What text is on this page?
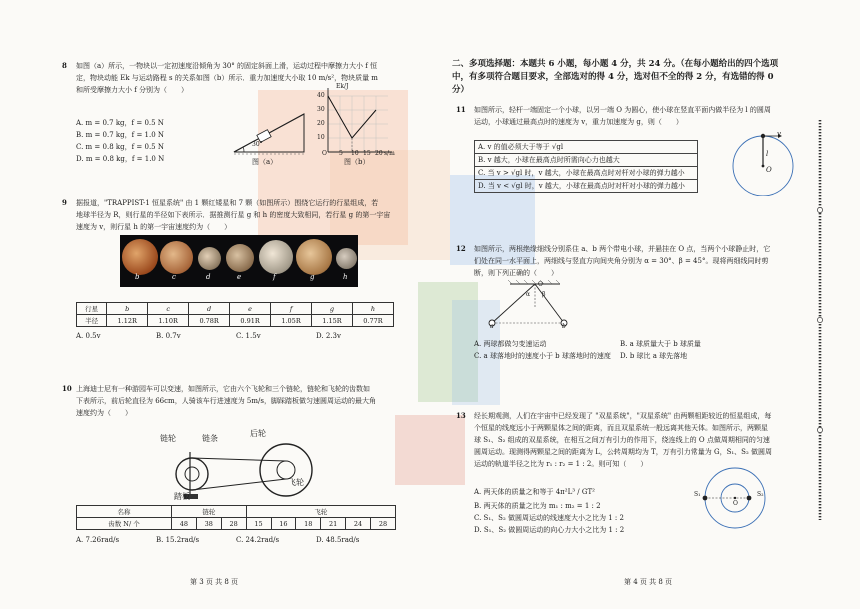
8 如图（a）所示，一物块以一定初速度沿倾角为 30° 的固定斜面上滑，运动过程中摩擦力大小 f 恒
定，物块动能 Ek 与运动路程 s 的关系如图（b）所示．重力加速度大小取 10 m/s²，物块质量 m
和所受摩擦力大小 f 分别为（　　）
A. m = 0.7 kg，f = 0.5 N
B. m = 0.7 kg，f = 1.0 N
C. m = 0.8 kg，f = 0.5 N
D. m = 0.8 kg，f = 1.0 N
30°
图（a）
Ek/J
40
30
20
10
O 5 10 15 20 s/m
图（b）
9 据报道，"TRAPPIST-1 恒星系统" 由 1 颗红矮星和 7 颗（如图所示）围绕它运行的行星组成，若
地球半径为 R，则行星的半径如下表所示．据推测行星 g 和 h 的密度大致相同，若行星 g 的第一宇宙
速度为 v，则行星 h 的第一宇宙速度约为（　　）
b	c	d	e	f	g	h
行星	b	c	d	e	f	g	h
半径	1.12R	1.10R	0.78R	0.91R	1.05R	1.15R	0.77R
A. 0.5v	B. 0.7v	C. 1.5v	D. 2.3v
10 上海迪士尼有一种游园车可以变速，如图所示，它由六个飞轮和三个链轮，链轮和飞轮的齿数如
下表所示，前后轮直径为 66cm，人骑该车行进速度为 5m/s，脚踩踏板做匀速圆周运动的最大角
速度约为（　　）
链轮	链条
后轮
飞轮
踏板
名称	链轮			飞轮					
齿数 N/ 个	48	38	28	15	16	18	21	24	28
A. 7.26rad/s	B. 15.2rad/s	C. 24.2rad/s	D. 48.5rad/s
第 3 页 共 8 页
二、多项选择题：本题共 6 小题，每小题 4 分，共 24 分。（在每小题给出的四个选项
中，有多项符合题目要求，全部选对的得 4 分，选对但不全的得 2 分，有选错的得 0
分）
11 如图所示，轻杆一端固定一个小球，以另一端 O 为圆心，使小球在竖直平面内做半径为 l 的圆周
运动，小球通过最高点时的速度为 v，重力加速度为 g，则（　　）
A. v 的值必须大于等于 √gl
B. v 越大，小球在最高点时所需向心力也越大
C. 当 v > √gl 时，v 越大，小球在最高点时对杆对小球的弹力越小
D. 当 v < √gl 时，v 越大，小球在最高点时对杆对小球的弹力越小
v
l
O
12 如图所示，两根绝缘细线分别系住 a、b 两个带电小球，并悬挂在 O 点，当两个小球静止时，它
们处在同一水平面上，两细线与竖直方向间夹角分别为 α = 30°、β = 45°。现将两细线同时剪
断，则下列正确的（　　）
O
α β
a	b
A. 两球都做匀变速运动	B. a 球质量大于 b 球质量
C. a 球落地时的速度小于 b 球落地时的速度 D. b 球比 a 球先落地
13 经长期观测，人们在宇宙中已经发现了 "双星系统"，"双星系统" 由两颗相距较近的恒星组成，每
个恒星的线度远小于两颗星体之间的距离，而且双星系统一般远离其他天体。如图所示，两颗星
球 S₁、S₂ 组成的双星系统，在相互之间万有引力的作用下，绕连线上的 O 点做周期相同的匀速
圆周运动。现测得两颗星之间的距离为 L，公转周期均为 T，万有引力常量为 G，S₁、S₂ 做圆周
运动的轨道半径之比为 r₁ : r₂ = 1 : 2。则可知（　　）
A. 两天体的质量之和等于 4π²L³ / GT²
B. 两天体的质量之比为 m₁ : m₂ = 1 : 2
C. S₁、S₂ 做圆周运动的线速度大小之比为 1 : 2
D. S₁、S₂ 做圆周运动的向心力大小之比为 1 : 2
S₁	S₂
O
第 4 页 共 8 页
